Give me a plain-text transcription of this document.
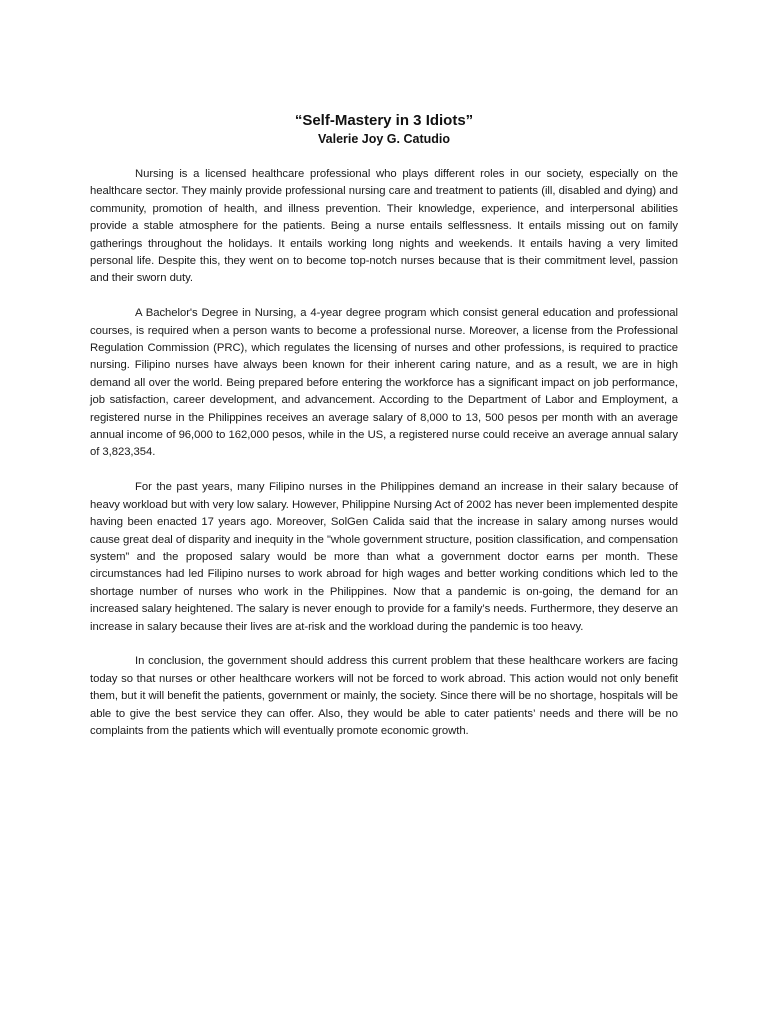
“Self-Mastery in 3 Idiots”

Valerie Joy G. Catudio

Nursing is a licensed healthcare professional who plays different roles in our society, especially on the healthcare sector. They mainly provide professional nursing care and treatment to patients (ill, disabled and dying) and community, promotion of health, and illness prevention. Their knowledge, experience, and interpersonal abilities provide a stable atmosphere for the patients. Being a nurse entails selflessness. It entails missing out on family gatherings throughout the holidays. It entails working long nights and weekends. It entails having a very limited personal life. Despite this, they went on to become top-notch nurses because that is their commitment level, passion and their sworn duty.

A Bachelor's Degree in Nursing, a 4-year degree program which consist general education and professional courses, is required when a person wants to become a professional nurse. Moreover, a license from the Professional Regulation Commission (PRC), which regulates the licensing of nurses and other professions, is required to practice nursing. Filipino nurses have always been known for their inherent caring nature, and as a result, we are in high demand all over the world. Being prepared before entering the workforce has a significant impact on job performance, job satisfaction, career development, and advancement. According to the Department of Labor and Employment, a registered nurse in the Philippines receives an average salary of 8,000 to 13, 500 pesos per month with an average annual income of 96,000 to 162,000 pesos, while in the US, a registered nurse could receive an average annual salary of 3,823,354.

For the past years, many Filipino nurses in the Philippines demand an increase in their salary because of heavy workload but with very low salary. However, Philippine Nursing Act of 2002 has never been implemented despite having been enacted 17 years ago. Moreover, SolGen Calida said that the increase in salary among nurses would cause great deal of disparity and inequity in the "whole government structure, position classification, and compensation system” and the proposed salary would be more than what a government doctor earns per month. These circumstances had led Filipino nurses to work abroad for high wages and better working conditions which led to the shortage number of nurses who work in the Philippines. Now that a pandemic is on-going, the demand for an increased salary heightened. The salary is never enough to provide for a family’s needs. Furthermore, they deserve an increase in salary because their lives are at-risk and the workload during the pandemic is too heavy.

In conclusion, the government should address this current problem that these healthcare workers are facing today so that nurses or other healthcare workers will not be forced to work abroad. This action would not only benefit them, but it will benefit the patients, government or mainly, the society. Since there will be no shortage, hospitals will be able to give the best service they can offer. Also, they would be able to cater patients’ needs and there will be no complaints from the patients which will eventually promote economic growth.
